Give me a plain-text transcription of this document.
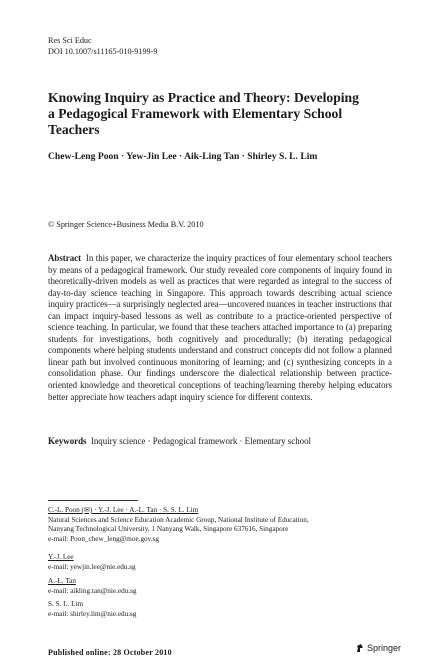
Res Sci Educ
DOI 10.1007/s11165-010-9199-9
Knowing Inquiry as Practice and Theory: Developing a Pedagogical Framework with Elementary School Teachers
Chew-Leng Poon · Yew-Jin Lee · Aik-Ling Tan · Shirley S. L. Lim
© Springer Science+Business Media B.V. 2010
Abstract In this paper, we characterize the inquiry practices of four elementary school teachers by means of a pedagogical framework. Our study revealed core components of inquiry found in theoretically-driven models as well as practices that were regarded as integral to the success of day-to-day science teaching in Singapore. This approach towards describing actual science inquiry practices—a surprisingly neglected area—uncovered nuances in teacher instructions that can impact inquiry-based lessons as well as contribute to a practice-oriented perspective of science teaching. In particular, we found that these teachers attached importance to (a) preparing students for investigations, both cognitively and procedurally; (b) iterating pedagogical components where helping students understand and construct concepts did not follow a planned linear path but involved continuous monitoring of learning; and (c) synthesizing concepts in a consolidation phase. Our findings underscore the dialectical relationship between practice-oriented knowledge and theoretical conceptions of teaching/learning thereby helping educators better appreciate how teachers adapt inquiry science for different contexts.
Keywords Inquiry science · Pedagogical framework · Elementary school
C.-L. Poon (✉) · Y.-J. Lee · A.-L. Tan · S. S. L. Lim
Natural Sciences and Science Education Academic Group, National Institute of Education,
Nanyang Technological University, 1 Nanyang Walk, Singapore 637616, Singapore
e-mail: Poon_chew_leng@moe.gov.sg
Y.-J. Lee
e-mail: yewjin.lee@nie.edu.sg
A.-L. Tan
e-mail: aikling.tan@nie.edu.sg
S. S. L. Lim
e-mail: shirley.lim@nie.edu.sg
Published online: 28 October 2010	Springer
